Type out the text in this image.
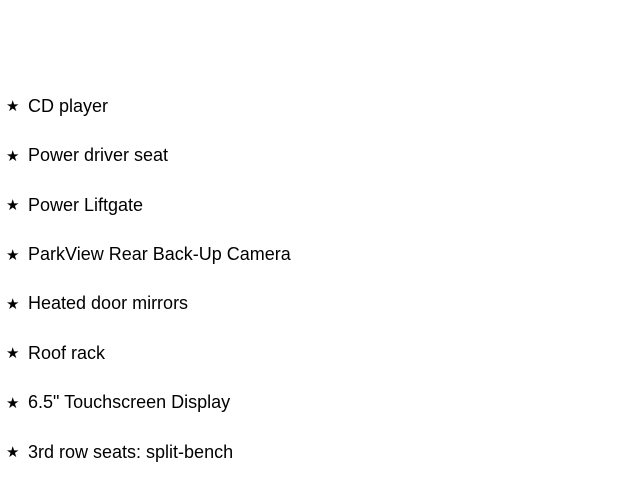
★ CD player
★ Power driver seat
★ Power Liftgate
★ ParkView Rear Back-Up Camera
★ Heated door mirrors
★ Roof rack
★ 6.5" Touchscreen Display
★ 3rd row seats: split-bench
